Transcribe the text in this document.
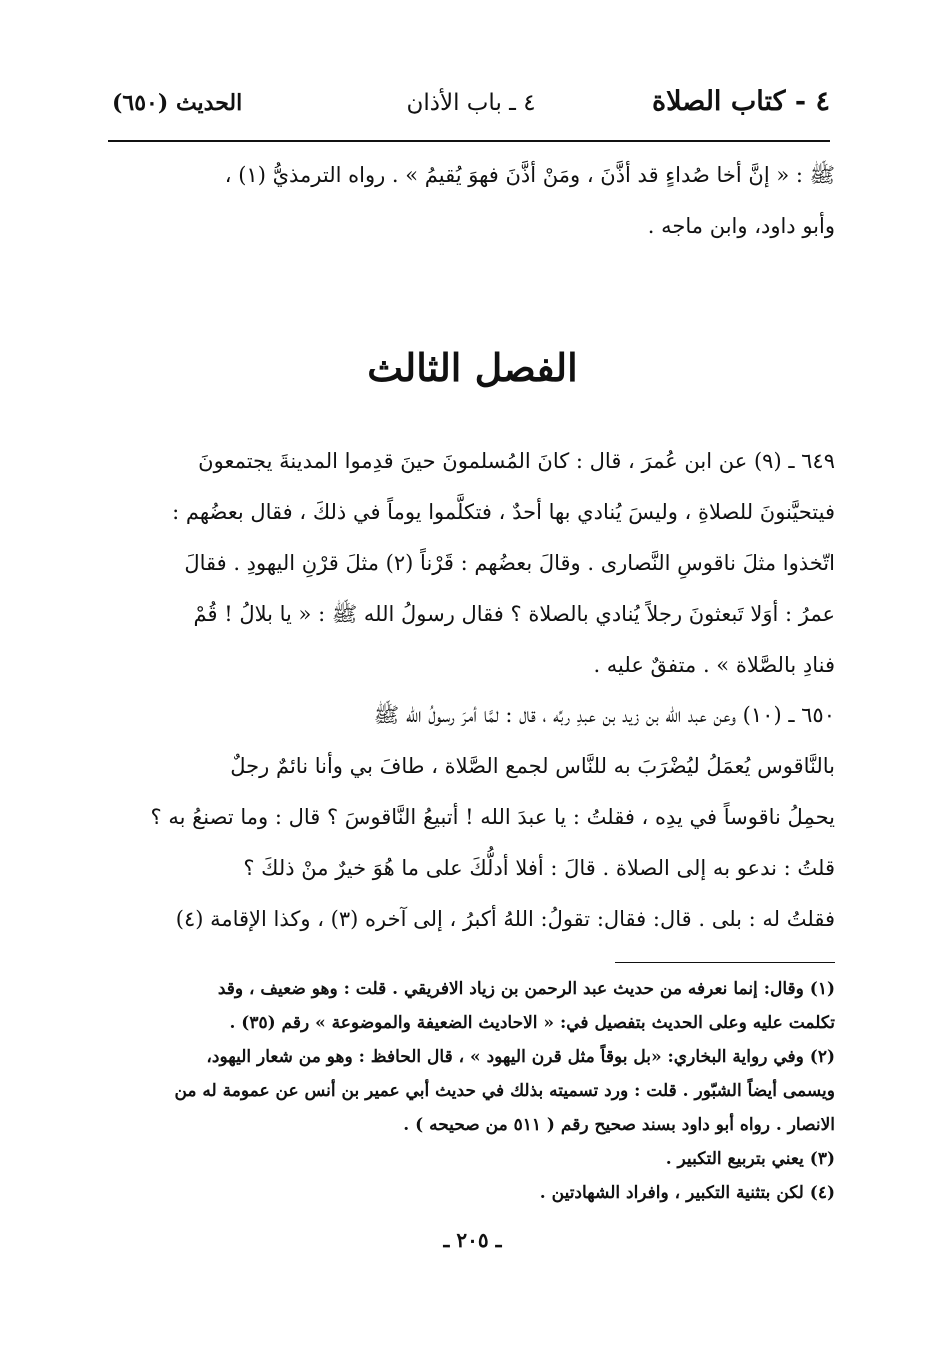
٤ - كتاب الصلاة
٤ ـ باب الأذان
الحديث (٦٥٠)
ﷺ : « إنَّ أخا صُداءٍ قد أذَّنَ ، ومَنْ أذَّنَ فهوَ يُقيمُ » . رواه الترمذيُّ (١) ،
وأبو داود، وابن ماجه .
الفصل الثالث
٦٤٩ ـ (٩) عن ابن عُمرَ ، قال : كانَ المُسلمونَ حينَ قدِموا المدينةَ يجتمعونَ
فيتحيَّنونَ للصلاةِ ، وليسَ يُنادي بها أحدٌ ، فتكلَّموا يوماً في ذلكَ ، فقال بعضُهم :
اتّخذوا مثلَ ناقوسِ النَّصارى . وقالَ بعضُهم : قَرْناً (٢) مثلَ قرْنِ اليهودِ . فقالَ
عمرُ : أوَلا تَبعثونَ رجلاً يُنادي بالصلاة ؟ فقال رسولُ الله ﷺ : « يا بلالُ ! قُمْ
فنادِ بالصَّلاة » . متفقٌ عليه .
٦٥٠ ـ (١٠) وعن عبد الله بن زيد بن عبدِ ربِّه ، قال : لمَّا أمرَ رسولُ الله ﷺ
بالنَّاقوس يُعمَلُ ليُضْرَبَ به للنَّاس لجمع الصَّلاة ، طافَ بي وأنا نائمٌ رجلٌ
يحمِلُ ناقوساً في يدِه ، فقلتُ : يا عبدَ الله ! أتبيعُ النَّاقوسَ ؟ قال : وما تصنعُ به ؟
قلتُ : ندعو به إلى الصلاة . قالَ : أفلا أدلُّكَ على ما هُوَ خيرٌ منْ ذلكَ ؟
فقلتُ له : بلى . قال: فقال: تقولُ: اللهُ أكبرُ ، إلى آخره (٣) ، وكذا الإقامة (٤)
(١) وقال: إنما نعرفه من حديث عبد الرحمن بن زياد الافريقي . قلت : وهو ضعيف ، وقد
تكلمت عليه وعلى الحديث بتفصيل في: « الاحاديث الضعيفة والموضوعة » رقم (٣٥) .
(٢) وفي رواية البخاري: «بل بوقاً مثل قرن اليهود » ، قال الحافظ : وهو من شعار اليهود،
ويسمى أيضاً الشبّور . قلت : ورد تسميته بذلك في حديث أبي عمير بن أنس عن عمومة له من
الانصار . رواه أبو داود بسند صحيح رقم ( ٥١١ من صحيحه ) .
(٣) يعني بتربيع التكبير .
(٤) لكن بتثنية التكبير ، وافراد الشهادتين .
ـ ٢٠٥ ـ
